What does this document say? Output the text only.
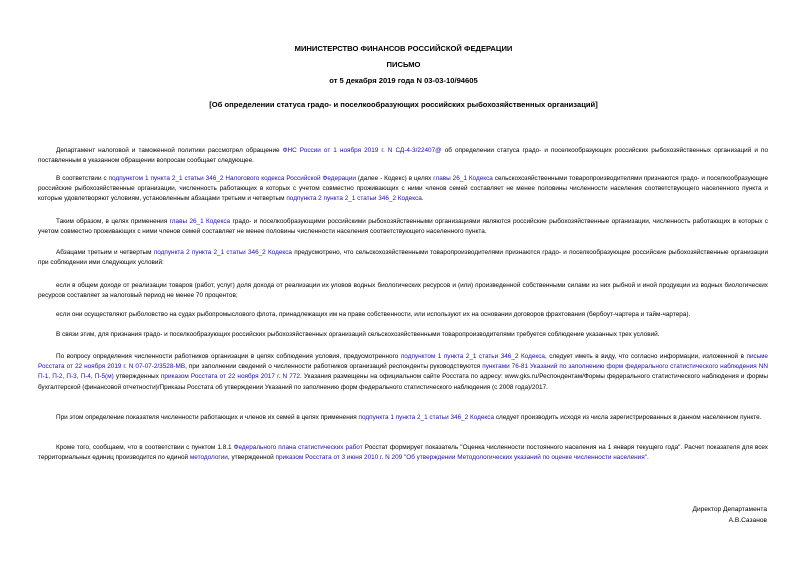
МИНИСТЕРСТВО ФИНАНСОВ РОССИЙСКОЙ ФЕДЕРАЦИИ
ПИСЬМО
от 5 декабря 2019 года N 03-03-10/94605
[Об определении статуса градо- и поселкообразующих российских рыбохозяйственных организаций]

Департамент налоговой и таможенной политики рассмотрел обращение ФНС России от 1 ноября 2019 г. N СД-4-3/22407@ об определении статуса градо- и поселкообразующих российских рыбохозяйственных организаций и по поставленным в указанном обращении вопросам сообщает следующее.

В соответствии с подпунктом 1 пункта 2_1 статьи 346_2 Налогового кодекса Российской Федерации (далее - Кодекс) в целях главы 26_1 Кодекса сельскохозяйственными товаропроизводителями признаются градо- и поселкообразующие российские рыбохозяйственные организации, численность работающих в которых с учетом совместно проживающих с ними членов семей составляет не менее половины численности населения соответствующего населенного пункта и которые удовлетворяют условиям, установленным абзацами третьим и четвертым подпункта 2 пункта 2_1 статьи 346_2 Кодекса.

Таким образом, в целях применения главы 26_1 Кодекса градо- и поселкообразующими российскими рыбохозяйственными организациями являются российские рыбохозяйственные организации, численность работающих в которых с учетом совместно проживающих с ними членов семей составляет не менее половины численности населения соответствующего населенного пункта.

Абзацами третьим и четвертым подпункта 2 пункта 2_1 статьи 346_2 Кодекса предусмотрено, что сельскохозяйственными товаропроизводителями признаются градо- и поселкообразующие российские рыбохозяйственные организации при соблюдении ими следующих условий:

если в общем доходе от реализации товаров (работ, услуг) доля дохода от реализации их уловов водных биологических ресурсов и (или) произведенной собственными силами из них рыбной и иной продукции из водных биологических ресурсов составляет за налоговый период не менее 70 процентов;

если они осуществляют рыболовство на судах рыбопромыслового флота, принадлежащих им на праве собственности, или используют их на основании договоров фрахтования (бербоут-чартера и тайм-чартера).

В связи этим, для признания градо- и поселкообразующих российских рыбохозяйственных организаций сельскохозяйственными товаропроизводителями требуется соблюдение указанных трех условий.

По вопросу определения численности работников организации в целях соблюдения условия, предусмотренного подпунктом 1 пункта 2_1 статьи 346_2 Кодекса, следует иметь в виду, что согласно информации, изложенной в письме Росстата от 22 ноября 2019 г. N 07-07-2/3528-МВ, при заполнении сведений о численности работников организаций респонденты руководствуются пунктами 76-81 Указаний по заполнению форм федерального статистического наблюдения NN П-1, П-2, П-3, П-4, П-5(м) утвержденных приказом Росстата от 22 ноября 2017 г. N 772. Указания размещены на официальном сайте Росстата по адресу: www.gks.ru/Респондентам/Формы федерального статистического наблюдения и формы бухгалтерской (финансовой отчетности)/Приказы Росстата об утверждении Указаний по заполнению форм федерального статистического наблюдения (с 2008 года)/2017.

При этом определение показателя численности работающих и членов их семей в целях применения подпункта 1 пункта 2_1 статьи 346_2 Кодекса следует производить исходя из числа зарегистрированных в данном населенном пункте.

Кроме того, сообщаем, что в соответствии с пунктом 1.8.1 Федерального плана статистических работ Росстат формирует показатель "Оценка численности постоянного населения на 1 января текущего года". Расчет показателя для всех территориальных единиц производится по единой методологии, утвержденной приказом Росстата от 3 июня 2010 г. N 209 "Об утверждении Методологических указаний по оценке численности населения".

Директор Департамента
А.В.Сазанов
